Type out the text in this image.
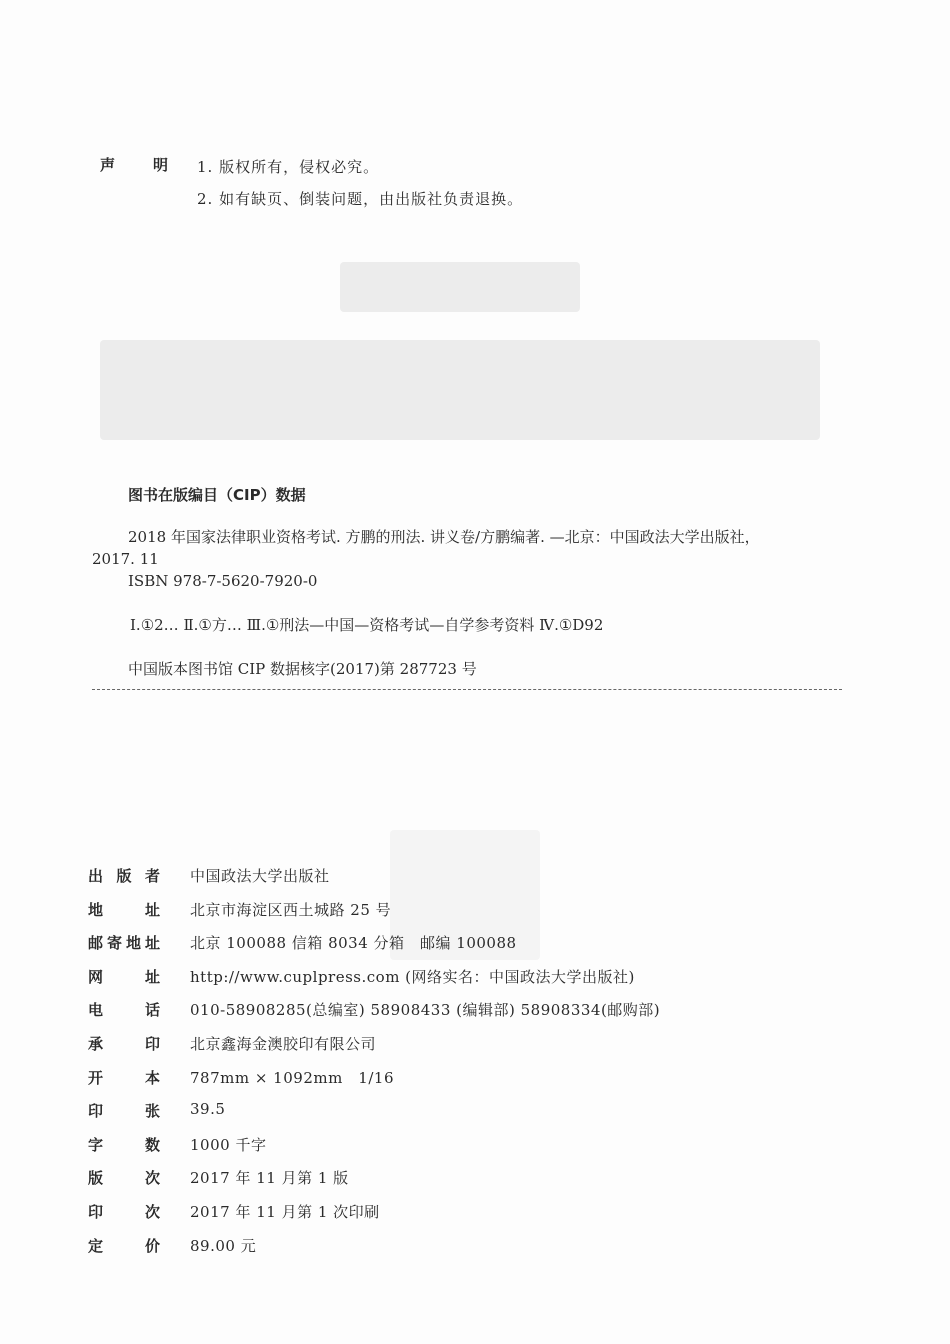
声明
1. 版权所有，侵权必究。
2. 如有缺页、倒装问题，由出版社负责退换。
图书在版编目（CIP）数据
2018 年国家法律职业资格考试. 方鹏的刑法. 讲义卷/方鹏编著. —北京：中国政法大学出版社，
2017. 11
ISBN 978-7-5620-7920-0
Ⅰ.①2… Ⅱ.①方… Ⅲ.①刑法—中国—资格考试—自学参考资料 Ⅳ.①D92
中国版本图书馆 CIP 数据核字(2017)第 287723 号
出版者 中国政法大学出版社
地址 北京市海淀区西土城路 25 号
邮寄地址 北京 100088 信箱 8034 分箱　邮编 100088
网址 http://www.cuplpress.com (网络实名：中国政法大学出版社)
电话 010-58908285(总编室) 58908433 (编辑部) 58908334(邮购部)
承印 北京鑫海金澳胶印有限公司
开本 787mm × 1092mm　1/16
印张 39.5
字数 1000 千字
版次 2017 年 11 月第 1 版
印次 2017 年 11 月第 1 次印刷
定价 89.00 元
